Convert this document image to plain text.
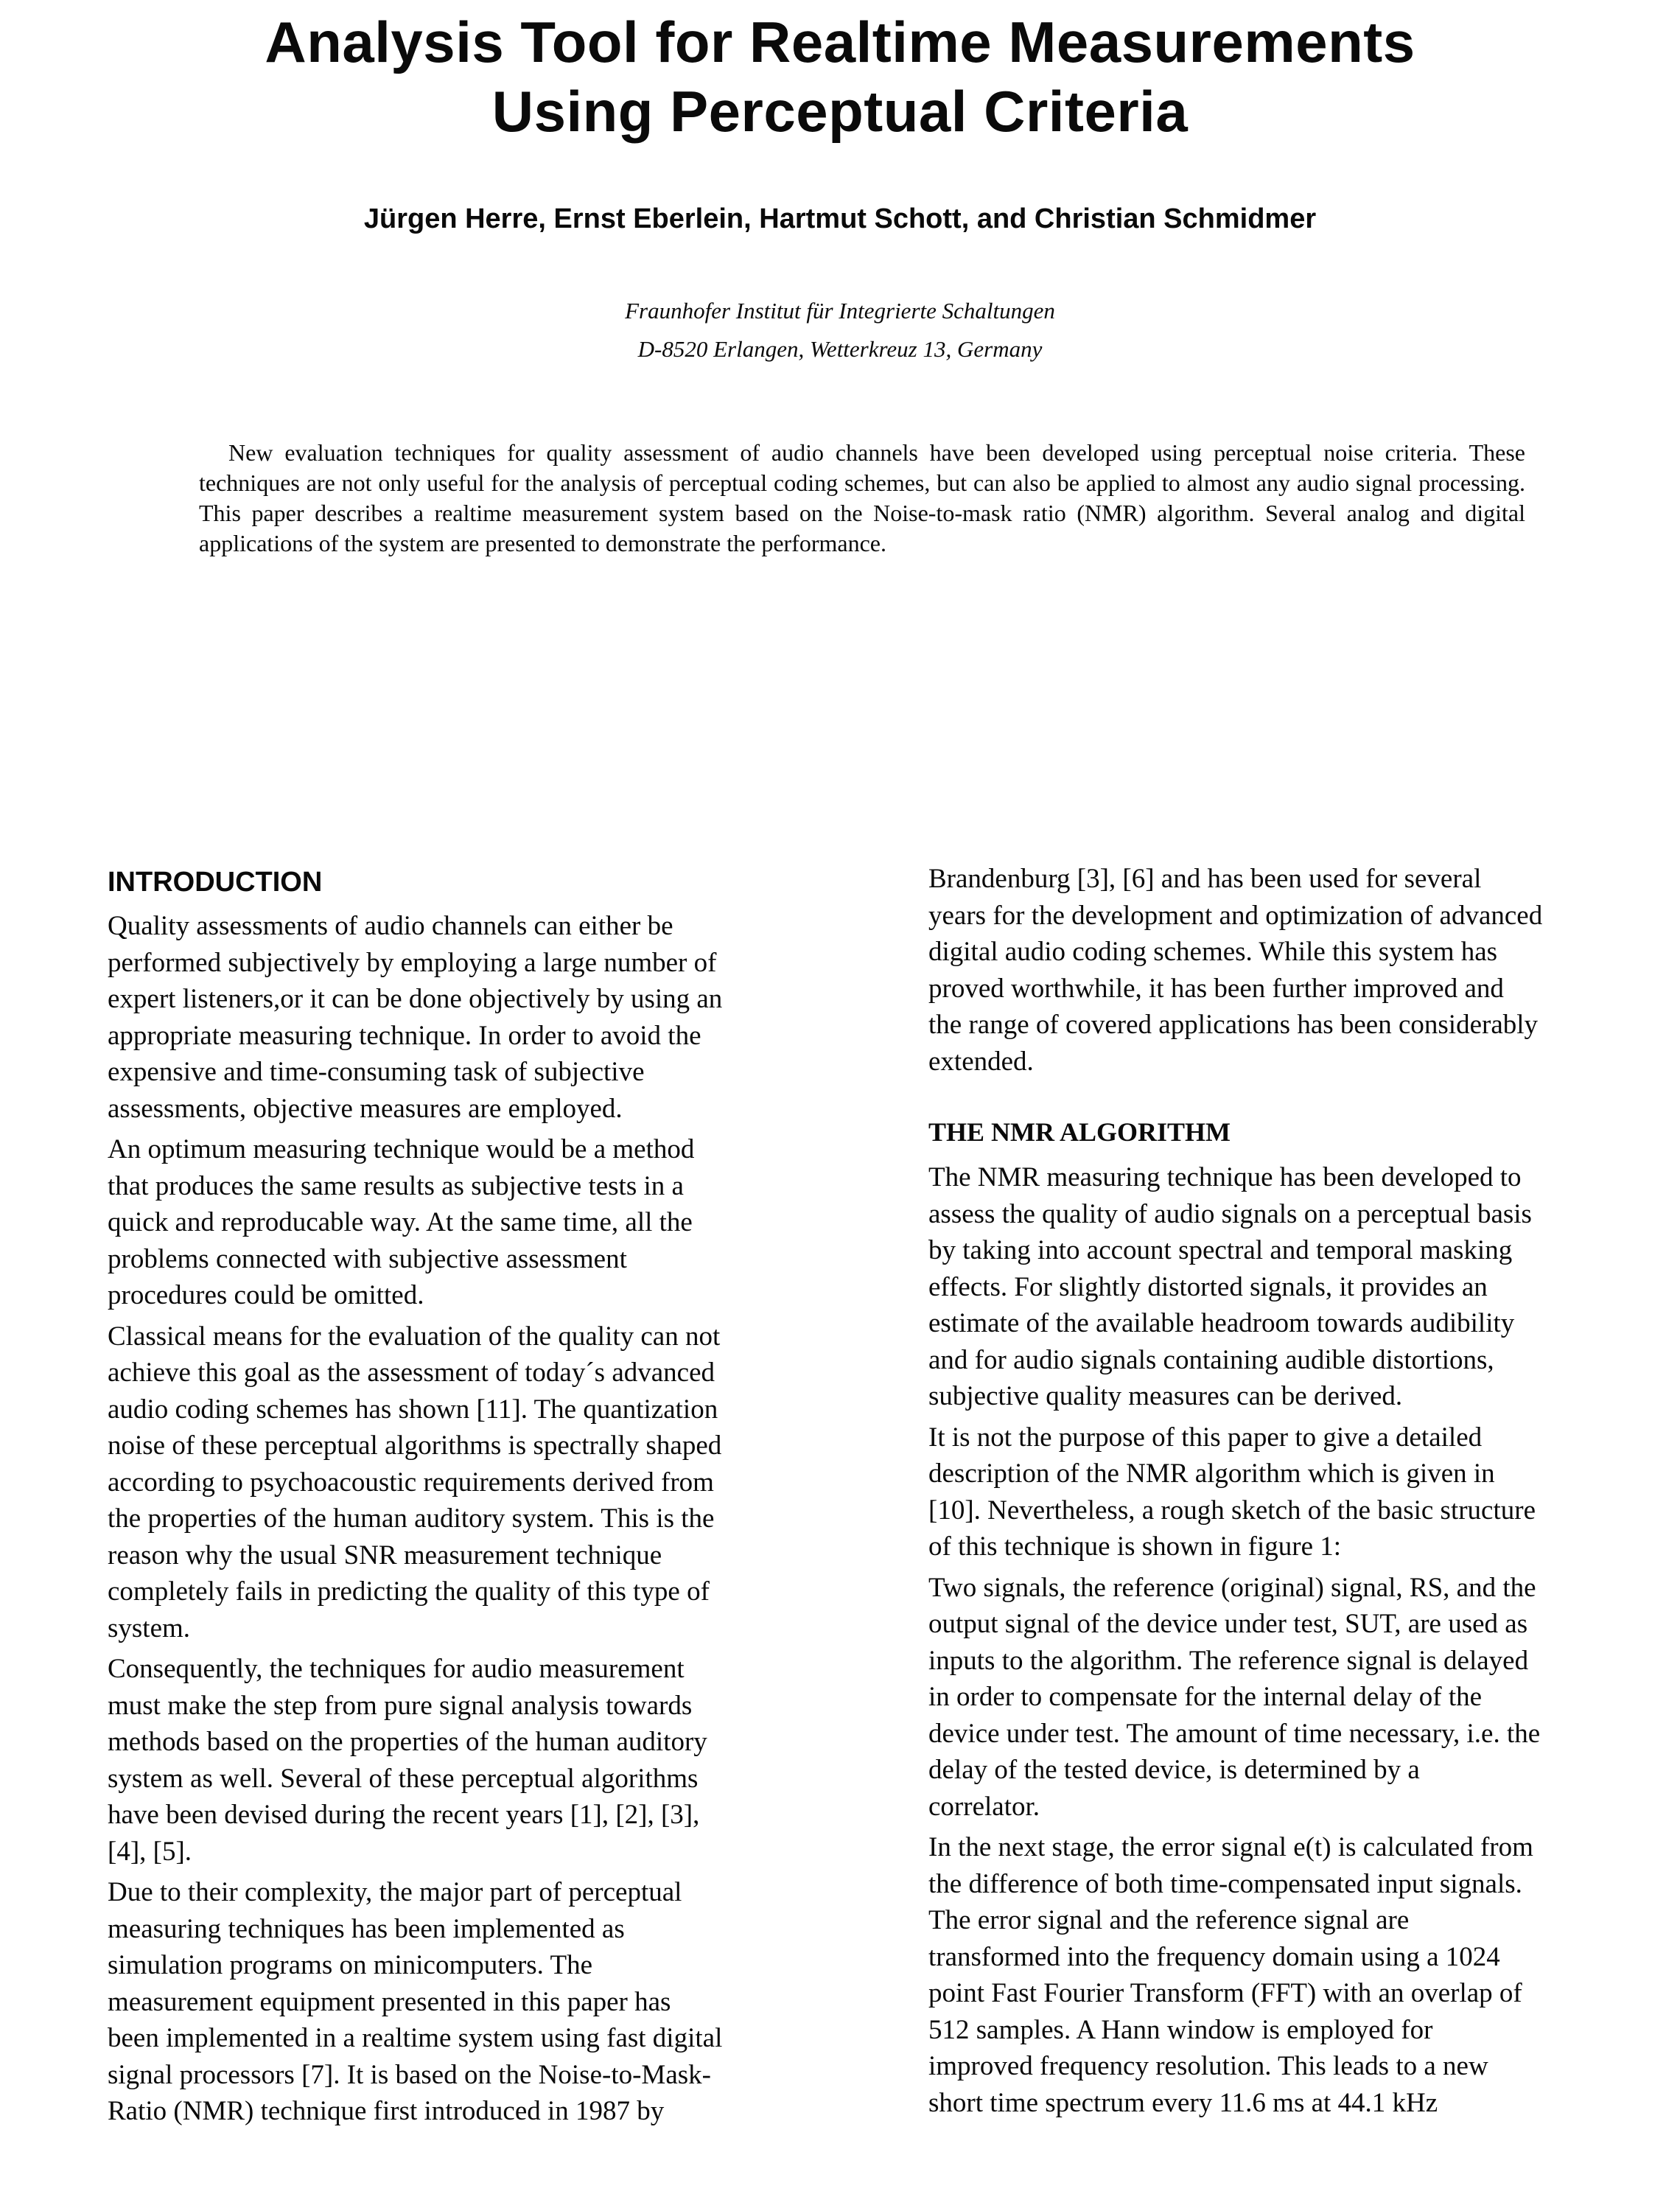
Analysis Tool for Realtime Measurements
Using Perceptual Criteria

Jürgen Herre, Ernst Eberlein, Hartmut Schott, and Christian Schmidmer

Fraunhofer Institut für Integrierte Schaltungen

D-8520 Erlangen, Wetterkreuz 13, Germany

New evaluation techniques for quality assessment of audio channels have been developed using perceptual noise criteria. These techniques are not only useful for the analysis of perceptual coding schemes, but can also be applied to almost any audio signal processing. This paper describes a realtime measurement system based on the Noise-to-mask ratio (NMR) algorithm. Several analog and digital applications of the system are presented to demonstrate the performance.

INTRODUCTION

Quality assessments of audio channels can either be
performed subjectively by employing a large number of
expert listeners,or it can be done objectively by using an
appropriate measuring technique. In order to avoid the
expensive and time-consuming task of subjective
assessments, objective measures are employed.

An optimum measuring technique would be a method
that produces the same results as subjective tests in a
quick and reproducable way. At the same time, all the
problems connected with subjective assessment
procedures could be omitted.

Classical means for the evaluation of the quality can not
achieve this goal as the assessment of today´s advanced
audio coding schemes has shown [11]. The quantization
noise of these perceptual algorithms is spectrally shaped
according to psychoacoustic requirements derived from
the properties of the human auditory system. This is the
reason why the usual SNR measurement technique
completely fails in predicting the quality of this type of
system.

Consequently, the techniques for audio measurement
must make the step from pure signal analysis towards
methods based on the properties of the human auditory
system as well. Several of these perceptual algorithms
have been devised during the recent years [1], [2], [3],
[4], [5].

Due to their complexity, the major part of perceptual
measuring techniques has been implemented as
simulation programs on minicomputers. The
measurement equipment presented in this paper has
been implemented in a realtime system using fast digital
signal processors [7]. It is based on the Noise-to-Mask-
Ratio (NMR) technique first introduced in 1987 by

Brandenburg [3], [6] and has been used for several
years for the development and optimization of advanced
digital audio coding schemes. While this system has
proved worthwhile, it has been further improved and
the range of covered applications has been considerably
extended.

THE NMR ALGORITHM

The NMR measuring technique has been developed to
assess the quality of audio signals on a perceptual basis
by taking into account spectral and temporal masking
effects. For slightly distorted signals, it provides an
estimate of the available headroom towards audibility
and for audio signals containing audible distortions,
subjective quality measures can be derived.

It is not the purpose of this paper to give a detailed
description of the NMR algorithm which is given in
[10]. Nevertheless, a rough sketch of the basic structure
of this technique is shown in figure 1:

Two signals, the reference (original) signal, RS, and the
output signal of the device under test, SUT, are used as
inputs to the algorithm. The reference signal is delayed
in order to compensate for the internal delay of the
device under test. The amount of time necessary, i.e. the
delay of the tested device, is determined by a
correlator.

In the next stage, the error signal e(t) is calculated from
the difference of both time-compensated input signals.
The error signal and the reference signal are
transformed into the frequency domain using a 1024
point Fast Fourier Transform (FFT) with an overlap of
512 samples. A Hann window is employed for
improved frequency resolution. This leads to a new
short time spectrum every 11.6 ms at 44.1 kHz
